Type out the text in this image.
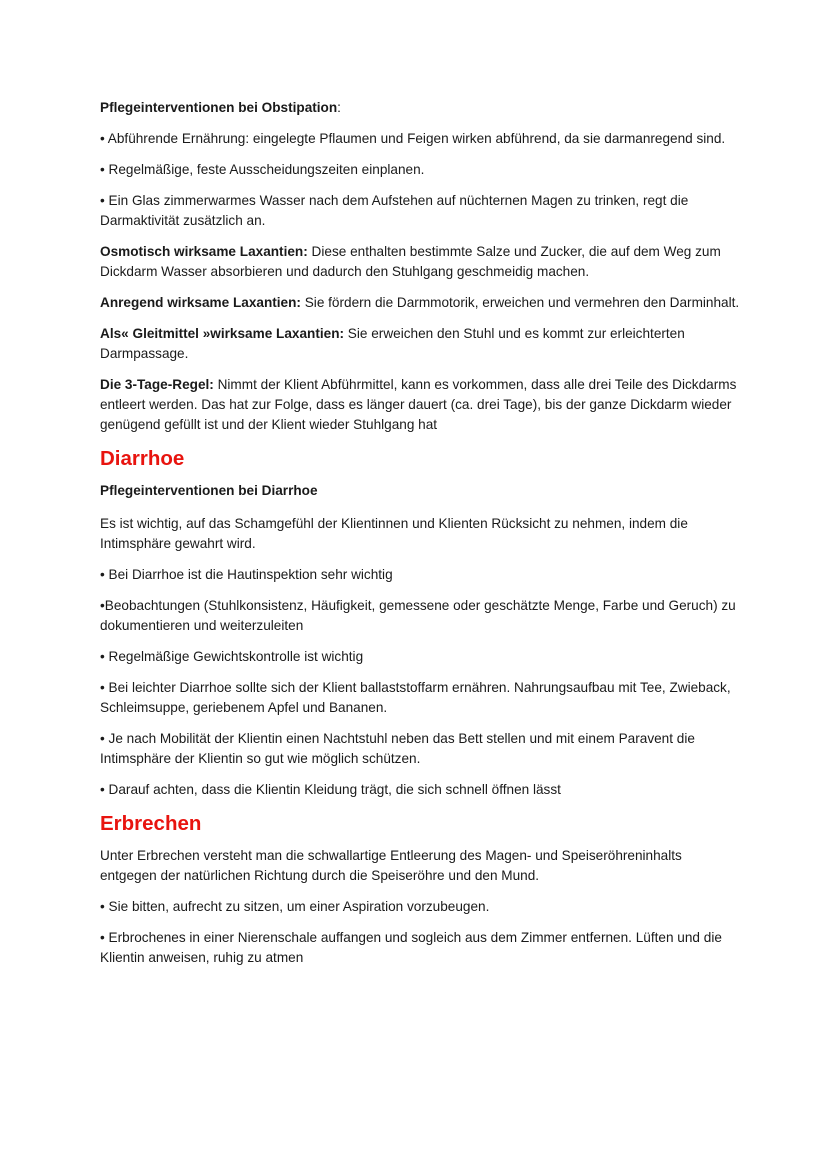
Pflegeinterventionen bei Obstipation:

• Abführende Ernährung: eingelegte Pflaumen und Feigen wirken abführend, da sie darmanregend sind.

• Regelmäßige, feste Ausscheidungszeiten einplanen.

• Ein Glas zimmerwarmes Wasser nach dem Aufstehen auf nüchternen Magen zu trinken, regt die Darmaktivität zusätzlich an.

Osmotisch wirksame Laxantien: Diese enthalten bestimmte Salze und Zucker, die auf dem Weg zum Dickdarm Wasser absorbieren und dadurch den Stuhlgang geschmeidig machen.

Anregend wirksame Laxantien: Sie fördern die Darmmotorik, erweichen und vermehren den Darminhalt.

Als« Gleitmittel »wirksame Laxantien: Sie erweichen den Stuhl und es kommt zur erleichterten Darmpassage.

Die 3-Tage-Regel: Nimmt der Klient Abführmittel, kann es vorkommen, dass alle drei Teile des Dickdarms entleert werden. Das hat zur Folge, dass es länger dauert (ca. drei Tage), bis der ganze Dickdarm wieder genügend gefüllt ist und der Klient wieder Stuhlgang hat

Diarrhoe

Pflegeinterventionen bei Diarrhoe

Es ist wichtig, auf das Schamgefühl der Klientinnen und Klienten Rücksicht zu nehmen, indem die Intimsphäre gewahrt wird.

• Bei Diarrhoe ist die Hautinspektion sehr wichtig

•Beobachtungen (Stuhlkonsistenz, Häufigkeit, gemessene oder geschätzte Menge, Farbe und Geruch) zu dokumentieren und weiterzuleiten

• Regelmäßige Gewichtskontrolle ist wichtig

• Bei leichter Diarrhoe sollte sich der Klient ballaststoffarm ernähren. Nahrungsaufbau mit Tee, Zwieback, Schleimsuppe, geriebenem Apfel und Bananen.

• Je nach Mobilität der Klientin einen Nachtstuhl neben das Bett stellen und mit einem Paravent die Intimsphäre der Klientin so gut wie möglich schützen.

• Darauf achten, dass die Klientin Kleidung trägt, die sich schnell öffnen lässt

Erbrechen

Unter Erbrechen versteht man die schwallartige Entleerung des Magen- und Speiseröhreninhalts entgegen der natürlichen Richtung durch die Speiseröhre und den Mund.

• Sie bitten, aufrecht zu sitzen, um einer Aspiration vorzubeugen.

• Erbrochenes in einer Nierenschale auffangen und sogleich aus dem Zimmer entfernen. Lüften und die Klientin anweisen, ruhig zu atmen
